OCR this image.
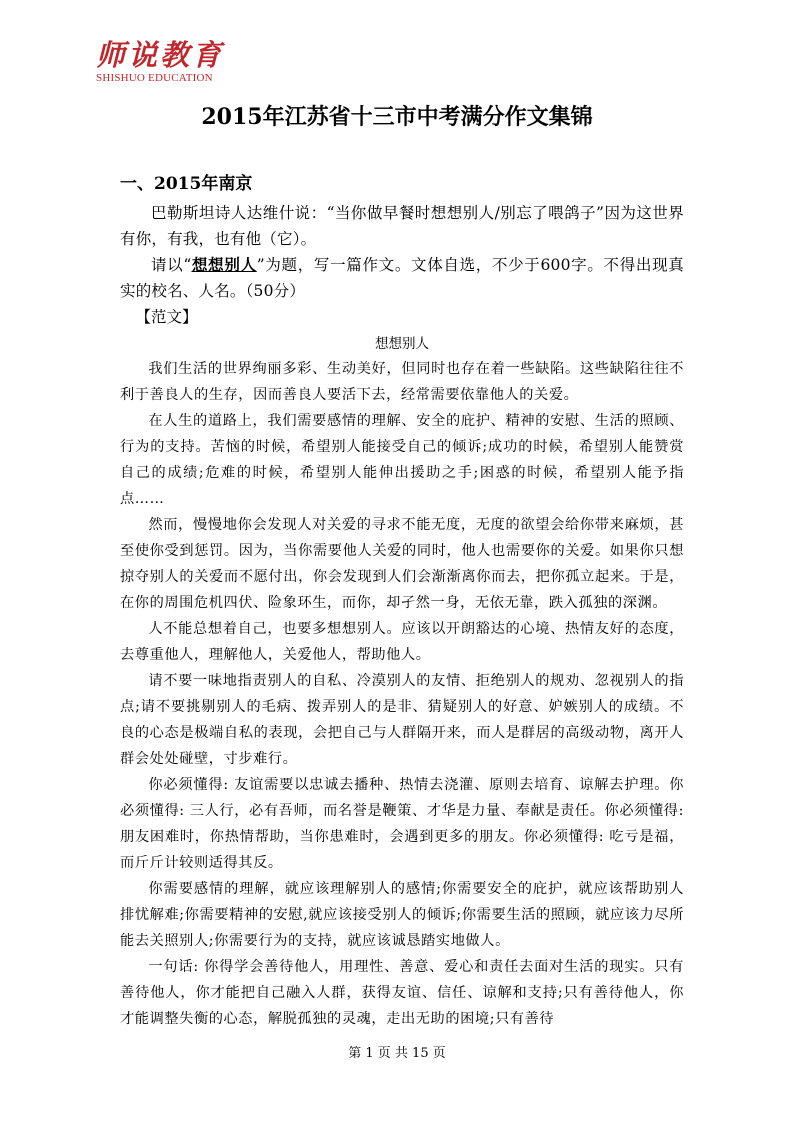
师说教育
SHISHUO EDUCATION
2015年江苏省十三市中考满分作文集锦

一、2015年南京

巴勒斯坦诗人达维什说：“当你做早餐时想想别人/别忘了喂鸽子”因为这世界有你，有我，也有他（它）。

请以“想想别人”为题，写一篇作文。文体自选，不少于600字。不得出现真实的校名、人名。（50分）

【范文】

想想别人

我们生活的世界绚丽多彩、生动美好，但同时也存在着一些缺陷。这些缺陷往往不利于善良人的生存，因而善良人要活下去，经常需要依靠他人的关爱。

在人生的道路上，我们需要感情的理解、安全的庇护、精神的安慰、生活的照顾、行为的支持。苦恼的时候，希望别人能接受自己的倾诉;成功的时候，希望别人能赞赏自己的成绩;危难的时候，希望别人能伸出援助之手;困惑的时候，希望别人能予指点……

然而，慢慢地你会发现人对关爱的寻求不能无度，无度的欲望会给你带来麻烦，甚至使你受到惩罚。因为，当你需要他人关爱的同时，他人也需要你的关爱。如果你只想掠夺别人的关爱而不愿付出，你会发现到人们会渐渐离你而去，把你孤立起来。于是，在你的周围危机四伏、险象环生，而你，却孑然一身，无依无靠，跌入孤独的深渊。

人不能总想着自己，也要多想想别人。应该以开朗豁达的心境、热情友好的态度，去尊重他人，理解他人，关爱他人，帮助他人。

请不要一味地指责别人的自私、冷漠别人的友情、拒绝别人的规劝、忽视别人的指点;请不要挑剔别人的毛病、拨弄别人的是非、猜疑别人的好意、妒嫉别人的成绩。不良的心态是极端自私的表现，会把自己与人群隔开来，而人是群居的高级动物，离开人群会处处碰壁，寸步难行。

你必须懂得: 友谊需要以忠诚去播种、热情去浇灌、原则去培育、谅解去护理。你必须懂得: 三人行，必有吾师，而名誉是鞭策、才华是力量、奉献是责任。你必须懂得: 朋友困难时，你热情帮助，当你患难时，会遇到更多的朋友。你必须懂得: 吃亏是福，而斤斤计较则适得其反。

你需要感情的理解，就应该理解别人的感情;你需要安全的庇护，就应该帮助别人排忧解难;你需要精神的安慰,就应该接受别人的倾诉;你需要生活的照顾，就应该力尽所能去关照别人;你需要行为的支持，就应该诚恳踏实地做人。

一句话: 你得学会善待他人，用理性、善意、爱心和责任去面对生活的现实。只有善待他人，你才能把自己融入人群，获得友谊、信任、谅解和支持;只有善待他人，你才能调整失衡的心态，解脱孤独的灵魂，走出无助的困境;只有善待

第 1 页 共 15 页
